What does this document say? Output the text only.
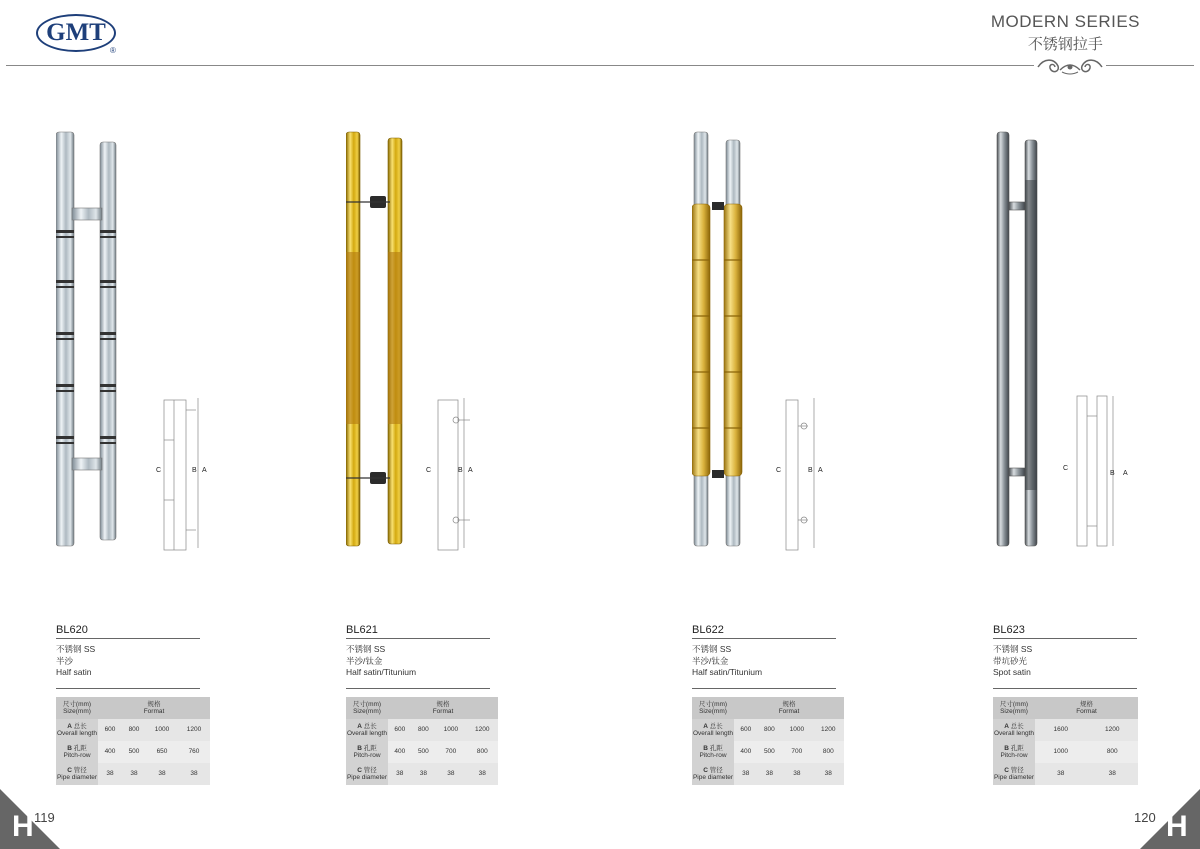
GMT
®
MODERN SERIES
不锈钢拉手
C	B A
BL620
不锈钢 SS
半沙
Half satin
尺寸(mm)
Size(mm)	规格
Format			
A 总长
Overall length	600	800	1000	1200
B 孔距
Pitch-row	400	500	650	760
C 管径
Pipe diameter	38	38	38	38
C	B A
BL621
不锈钢 SS
半沙/钛金
Half satin/Titunium
尺寸(mm)
Size(mm)	规格
Format			
A 总长
Overall length	600	800	1000	1200
B 孔距
Pitch-row	400	500	700	800
C 管径
Pipe diameter	38	38	38	38
C	B A
BL622
不锈钢 SS
半沙/钛金
Half satin/Titunium
尺寸(mm)
Size(mm)	规格
Format			
A 总长
Overall length	600	800	1000	1200
B 孔距
Pitch-row	400	500	700	800
C 管径
Pipe diameter	38	38	38	38
C
B A
BL623
不锈钢 SS
带坑砂光
Spot satin
尺寸(mm)
Size(mm)	规格
Format	
A 总长
Overall length	1600	1200
B 孔距
Pitch-row	1000	800
C 管径
Pipe diameter	38	38
H 119	H
120
